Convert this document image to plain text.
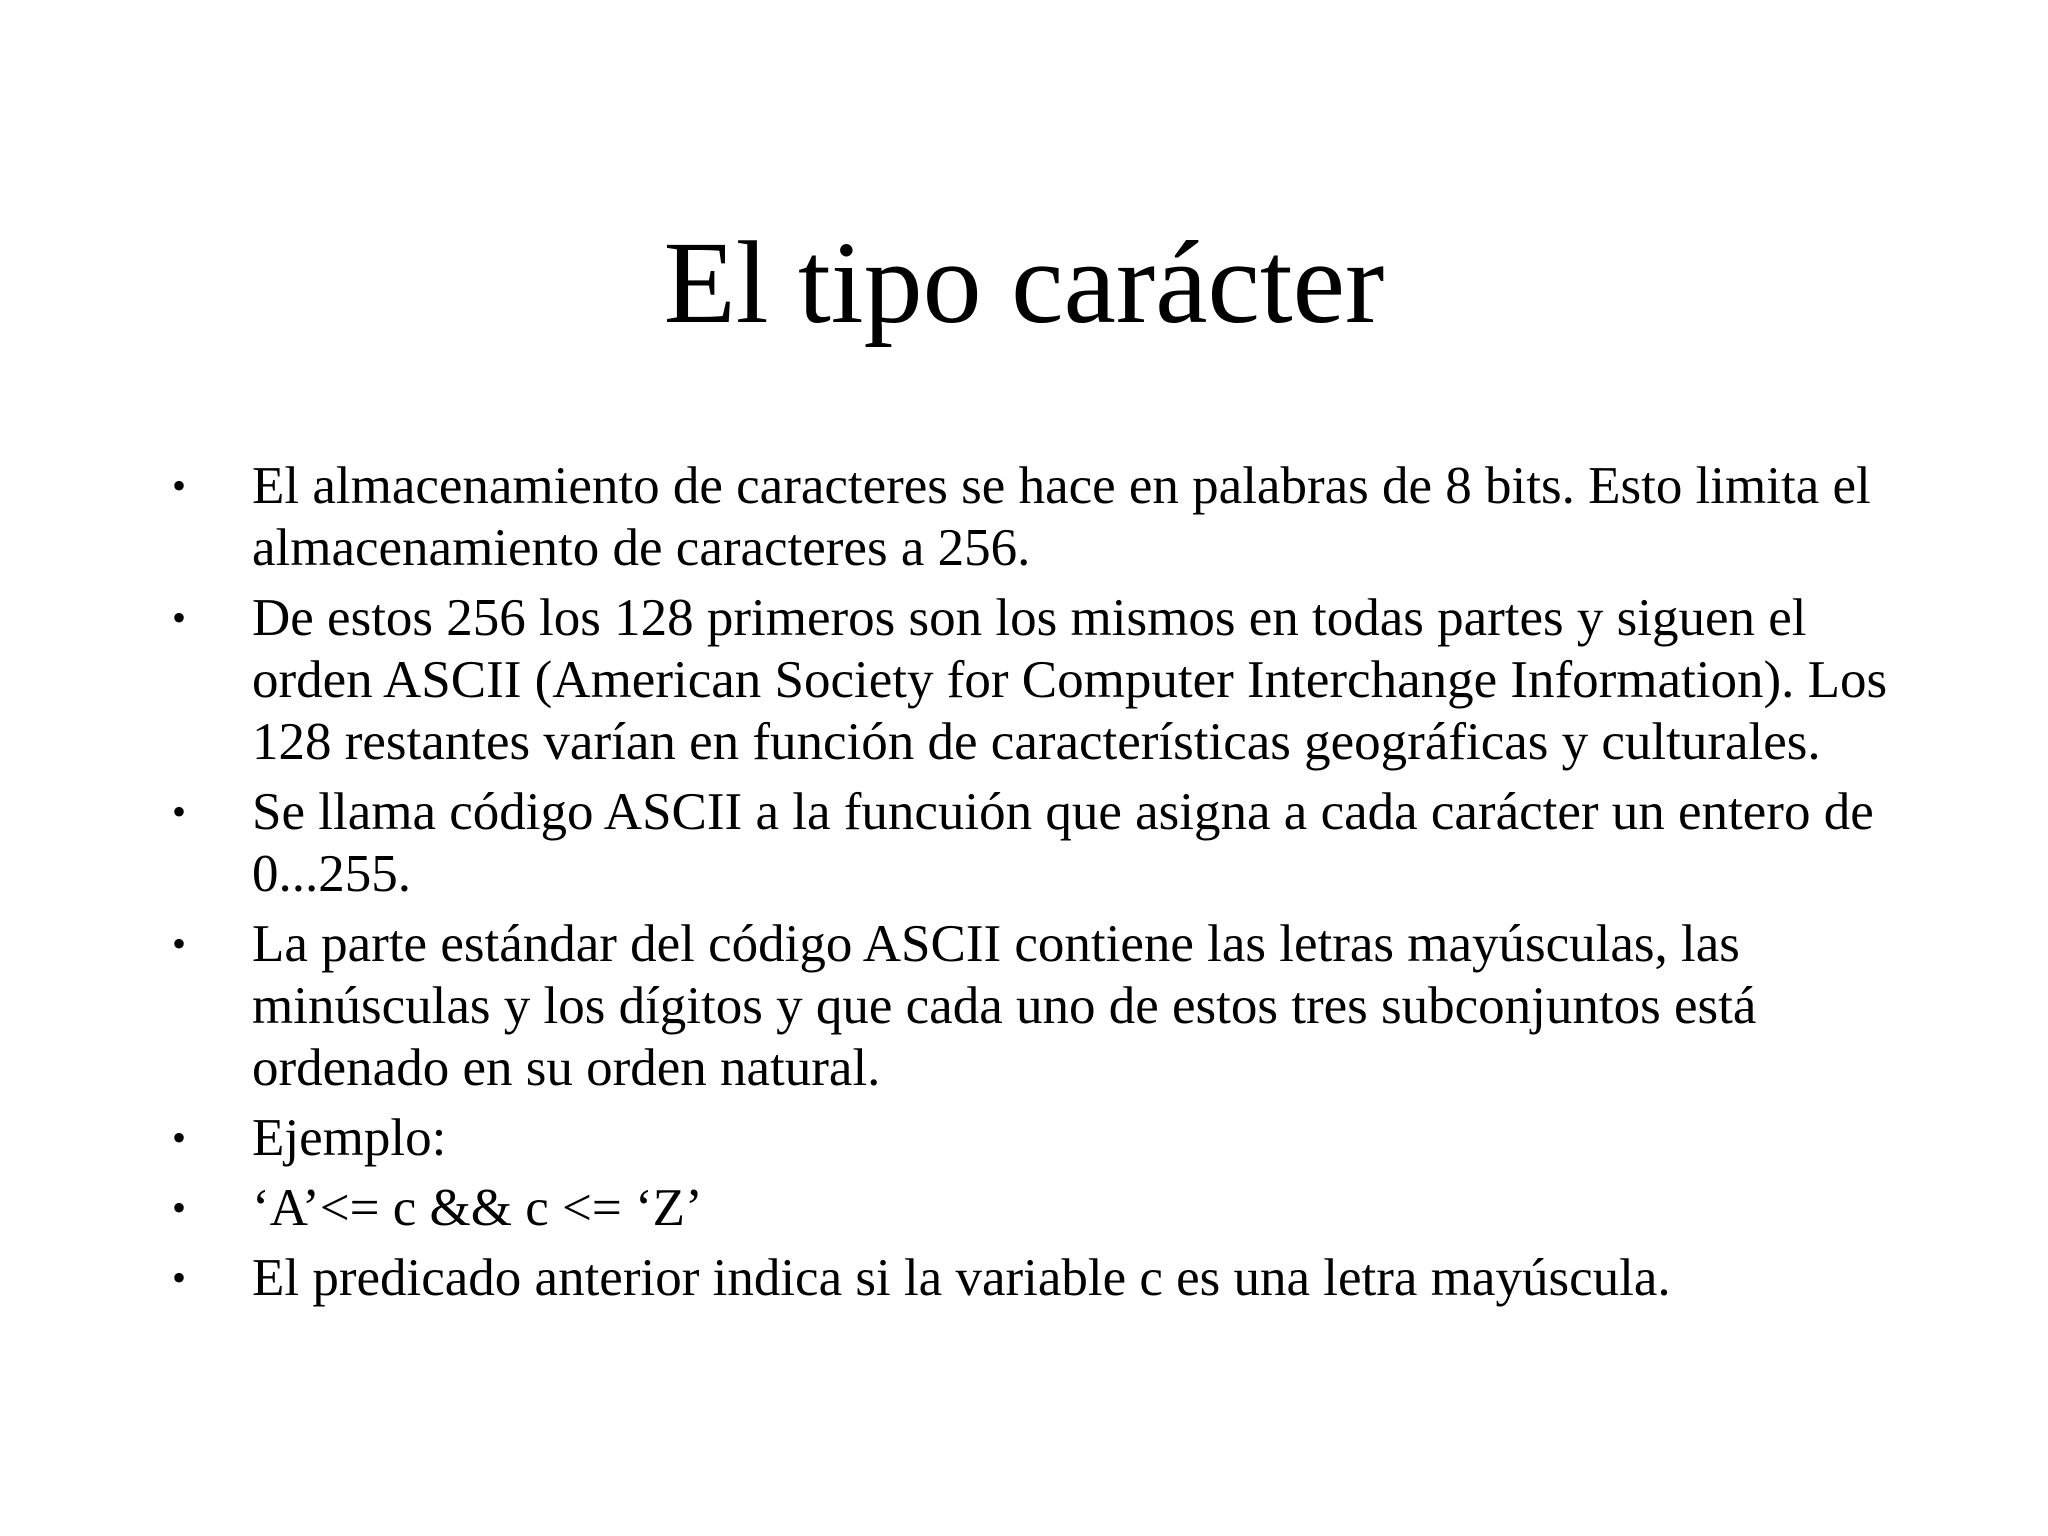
El tipo carácter
• El almacenamiento de caracteres se hace en palabras de 8 bits. Esto limita el almacenamiento de caracteres a 256.
• De estos 256 los 128 primeros son los mismos en todas partes y siguen el orden ASCII (American Society for Computer Interchange Information). Los 128 restantes varían en función de características geográficas y culturales.
• Se llama código ASCII a la funcuión que asigna a cada carácter un entero de 0...255.
• La parte estándar del código ASCII contiene las letras mayúsculas, las minúsculas y los dígitos y que cada uno de estos tres subconjuntos está ordenado en su orden natural.
• Ejemplo:
• ‘A’<= c && c <= ‘Z’
• El predicado anterior indica si la variable c es una letra mayúscula.
